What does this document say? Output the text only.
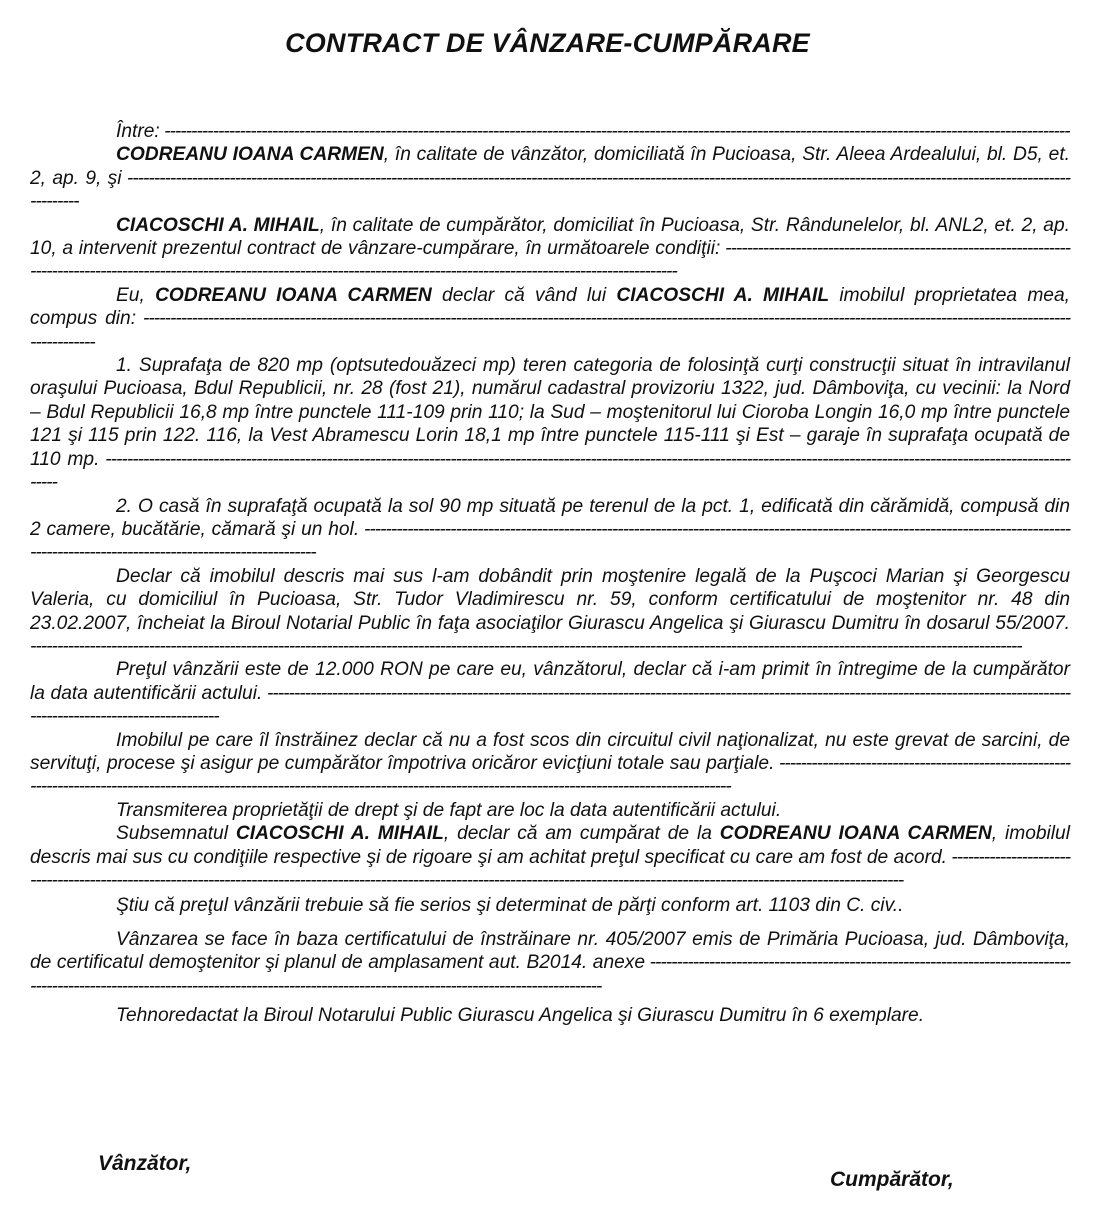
CONTRACT DE VÂNZARE-CUMPĂRARE

Între: -----

CODREANU IOANA CARMEN, în calitate de vânzător, domiciliată în Pucioasa, Str. Aleea Ardealului, bl. D5, et. 2, ap. 9, şi -----

CIACOSCHI A. MIHAIL, în calitate de cumpărător, domiciliat în Pucioasa, Str. Rândunelelor, bl. ANL2, et. 2, ap. 10, a intervenit prezentul contract de vânzare-cumpărare, în următoarele condiţii: -----

Eu, CODREANU IOANA CARMEN declar că vând lui CIACOSCHI A. MIHAIL imobilul proprietatea mea, compus din: -----

1. Suprafaţa de 820 mp (optsutedouăzeci mp) teren categoria de folosinţă curţi construcţii situat în intravilanul oraşului Pucioasa, Bdul Republicii, nr. 28 (fost 21), numărul cadastral provizoriu 1322, jud. Dâmboviţa, cu vecinii: la Nord – Bdul Republicii 16,8 mp între punctele 111-109 prin 110; la Sud – moştenitorul lui Cioroba Longin 16,0 mp între punctele 121 şi 115 prin 122. 116, la Vest Abramescu Lorin 18,1 mp între punctele 115-111 şi Est – garaje în suprafaţa ocupată de 110 mp. -----

2. O casă în suprafaţă ocupată la sol 90 mp situată pe terenul de la pct. 1, edificată din cărămidă, compusă din 2 camere, bucătărie, cămară şi un hol. -----

Declar că imobilul descris mai sus l-am dobândit prin moştenire legală de la Puşcoci Marian şi Georgescu Valeria, cu domiciliul în Pucioasa, Str. Tudor Vladimirescu nr. 59, conform certificatului de moştenitor nr. 48 din 23.02.2007, încheiat la Biroul Notarial Public în faţa asociaţilor Giurascu Angelica şi Giurascu Dumitru în dosarul 55/2007. -----

Preţul vânzării este de 12.000 RON pe care eu, vânzătorul, declar că i-am primit în întregime de la cumpărător la data autentificării actului. -----

Imobilul pe care îl înstrăinez declar că nu a fost scos din circuitul civil naţionalizat, nu este grevat de sarcini, de servituţi, procese şi asigur pe cumpărător împotriva oricăror evicţiuni totale sau parţiale. -----

Transmiterea proprietăţii de drept şi de fapt are loc la data autentificării actului.

Subsemnatul CIACOSCHI A. MIHAIL, declar că am cumpărat de la CODREANU IOANA CARMEN, imobilul descris mai sus cu condiţiile respective şi de rigoare şi am achitat preţul specificat cu care am fost de acord. -----

Ştiu că preţul vânzării trebuie să fie serios şi determinat de părţi conform art. 1103 din C. civ..

Vânzarea se face în baza certificatului de înstrăinare nr. 405/2007 emis de Primăria Pucioasa, jud. Dâmboviţa, de certificatul demoştenitor şi planul de amplasament aut. B2014. anexe -----

Tehnoredactat la Biroul Notarului Public Giurascu Angelica şi Giurascu Dumitru în 6 exemplare.

Vânzător,
Cumpărător,
